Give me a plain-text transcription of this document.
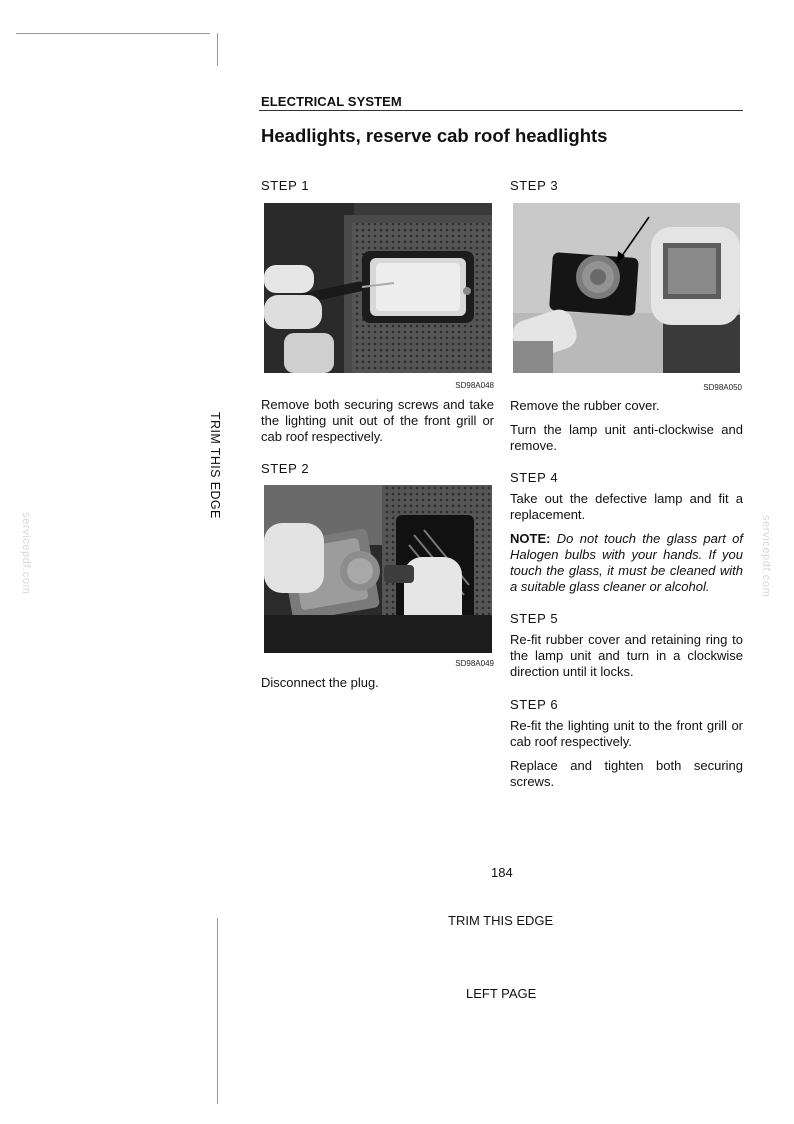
servicepdf.com	servicepdf.com
TRIM THIS EDGE
ELECTRICAL SYSTEM
Headlights, reserve cab roof headlights
STEP 1
SD98A048
Remove both securing screws and take the lighting unit out of the front grill or cab roof respectively.
STEP 2
SD98A049
Disconnect the plug.
STEP 3
SD98A050
Remove the rubber cover.
Turn the lamp unit anti-clockwise and remove.
STEP 4
Take out the defective lamp and fit a replacement.
NOTE: Do not touch the glass part of Halogen bulbs with your hands. If you touch the glass, it must be cleaned with a suitable glass cleaner or alcohol.
STEP 5
Re-fit rubber cover and retaining ring to the lamp unit and turn in a clockwise direction until it locks.
STEP 6
Re-fit the lighting unit to the front grill or cab roof respectively.
Replace and tighten both securing screws.
184
TRIM THIS EDGE
LEFT PAGE
